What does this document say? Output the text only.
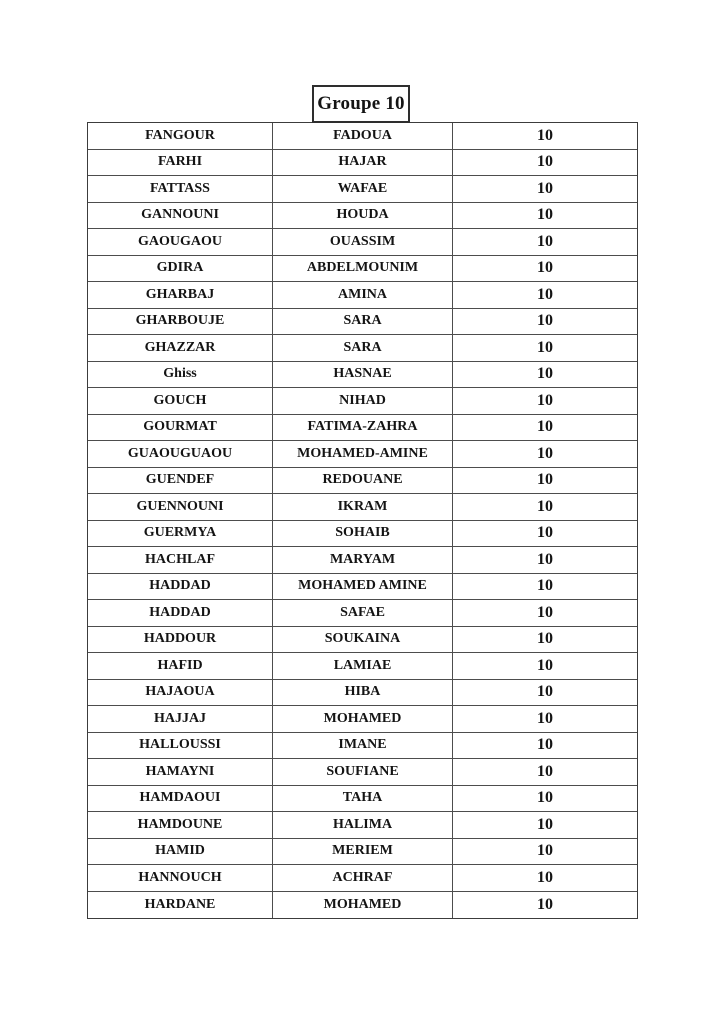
Groupe 10
FANGOUR	FADOUA	10
FARHI	HAJAR	10
FATTASS	WAFAE	10
GANNOUNI	HOUDA	10
GAOUGAOU	OUASSIM	10
GDIRA	ABDELMOUNIM	10
GHARBAJ	AMINA	10
GHARBOUJE	SARA	10
GHAZZAR	SARA	10
Ghiss	HASNAE	10
GOUCH	NIHAD	10
GOURMAT	FATIMA-ZAHRA	10
GUAOUGUAOU	MOHAMED-AMINE	10
GUENDEF	REDOUANE	10
GUENNOUNI	IKRAM	10
GUERMYA	SOHAIB	10
HACHLAF	MARYAM	10
HADDAD	MOHAMED AMINE	10
HADDAD	SAFAE	10
HADDOUR	SOUKAINA	10
HAFID	LAMIAE	10
HAJAOUA	HIBA	10
HAJJAJ	MOHAMED	10
HALLOUSSI	IMANE	10
HAMAYNI	SOUFIANE	10
HAMDAOUI	TAHA	10
HAMDOUNE	HALIMA	10
HAMID	MERIEM	10
HANNOUCH	ACHRAF	10
HARDANE	MOHAMED	10
